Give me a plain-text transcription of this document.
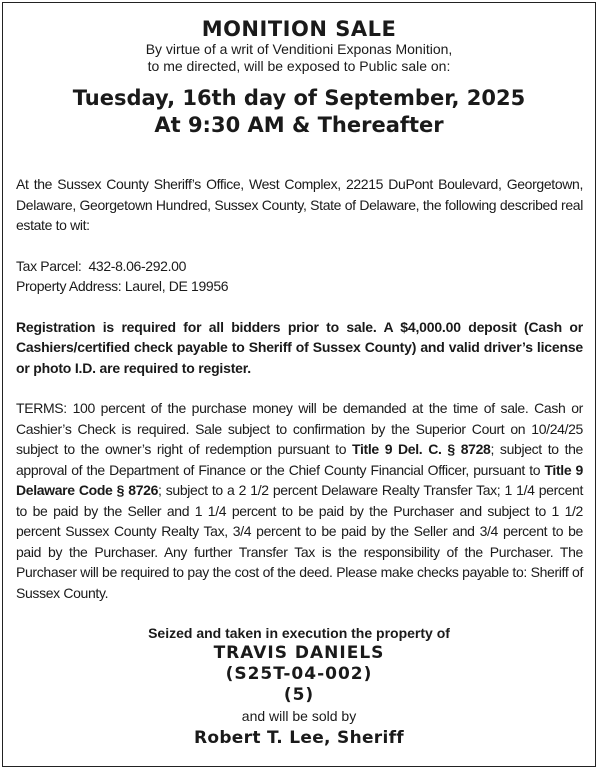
MONITION SALE
By virtue of a writ of Venditioni Exponas Monition,
to me directed, will be exposed to Public sale on:
Tuesday, 16th day of September, 2025
At 9:30 AM & Thereafter

At the Sussex County Sheriff’s Office, West Complex, 22215 DuPont Boulevard, Georgetown, Delaware, Georgetown Hundred, Sussex County, State of Delaware, the following described real estate to wit:

Tax Parcel: 432-8.06-292.00

Property Address: Laurel, DE 19956

Registration is required for all bidders prior to sale. A $4,000.00 deposit (Cash or Cashiers/certified check payable to Sheriff of Sussex County) and valid driver’s license or photo I.D. are required to register.

TERMS: 100 percent of the purchase money will be demanded at the time of sale. Cash or Cashier’s Check is required. Sale subject to confirmation by the Superior Court on 10/24/25 subject to the owner’s right of redemption pursuant to Title 9 Del. C. § 8728; subject to the approval of the Department of Finance or the Chief County Financial Officer, pursuant to Title 9 Delaware Code § 8726; subject to a 2 1/2 percent Delaware Realty Transfer Tax; 1 1/4 percent to be paid by the Seller and 1 1/4 percent to be paid by the Purchaser and subject to 1 1/2 percent Sussex County Realty Tax, 3/4 percent to be paid by the Seller and 3/4 percent to be paid by the Purchaser. Any further Transfer Tax is the responsibility of the Purchaser. The Purchaser will be required to pay the cost of the deed. Please make checks payable to: Sheriff of Sussex County.

Seized and taken in execution the property of
TRAVIS DANIELS
(S25T-04-002)
(5)
and will be sold by
Robert T. Lee, Sheriff
